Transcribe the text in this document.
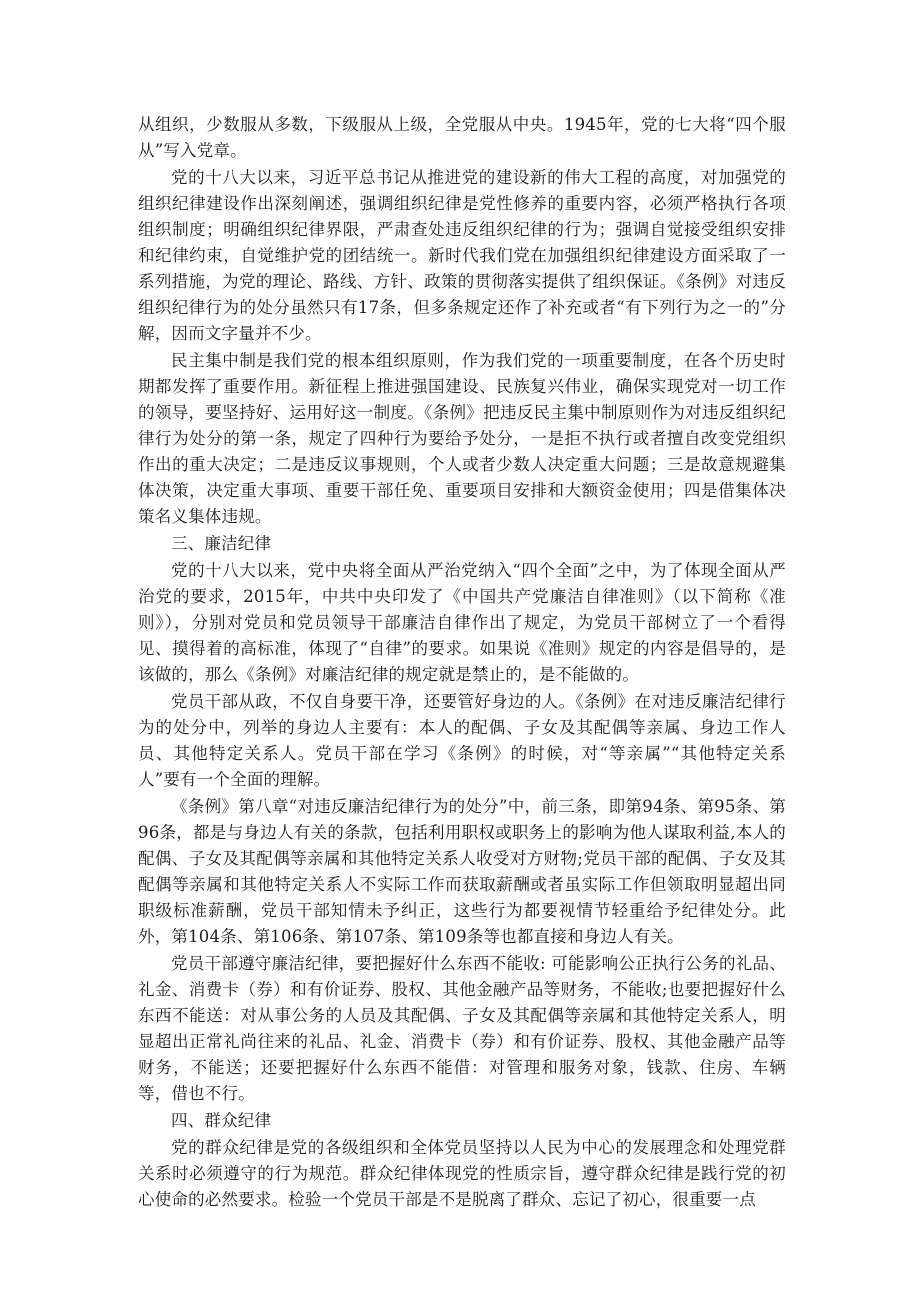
从组织，少数服从多数，下级服从上级，全党服从中央。1945年，党的七大将“四个服从”写入党章。

党的十八大以来，习近平总书记从推进党的建设新的伟大工程的高度，对加强党的组织纪律建设作出深刻阐述，强调组织纪律是党性修养的重要内容，必须严格执行各项组织制度；明确组织纪律界限，严肃查处违反组织纪律的行为；强调自觉接受组织安排和纪律约束，自觉维护党的团结统一。新时代我们党在加强组织纪律建设方面采取了一系列措施，为党的理论、路线、方针、政策的贯彻落实提供了组织保证。《条例》对违反组织纪律行为的处分虽然只有17条，但多条规定还作了补充或者“有下列行为之一的”分解，因而文字量并不少。

民主集中制是我们党的根本组织原则，作为我们党的一项重要制度，在各个历史时期都发挥了重要作用。新征程上推进强国建设、民族复兴伟业，确保实现党对一切工作的领导，要坚持好、运用好这一制度。《条例》把违反民主集中制原则作为对违反组织纪律行为处分的第一条，规定了四种行为要给予处分，一是拒不执行或者擅自改变党组织作出的重大决定；二是违反议事规则，个人或者少数人决定重大问题；三是故意规避集体决策，决定重大事项、重要干部任免、重要项目安排和大额资金使用；四是借集体决策名义集体违规。

三、廉洁纪律

党的十八大以来，党中央将全面从严治党纳入“四个全面”之中，为了体现全面从严治党的要求，2015年，中共中央印发了《中国共产党廉洁自律准则》（以下简称《准则》），分别对党员和党员领导干部廉洁自律作出了规定，为党员干部树立了一个看得见、摸得着的高标准，体现了“自律”的要求。如果说《准则》规定的内容是倡导的，是该做的，那么《条例》对廉洁纪律的规定就是禁止的，是不能做的。

党员干部从政，不仅自身要干净，还要管好身边的人。《条例》在对违反廉洁纪律行为的处分中，列举的身边人主要有：本人的配偶、子女及其配偶等亲属、身边工作人员、其他特定关系人。党员干部在学习《条例》的时候，对“等亲属”“其他特定关系人”要有一个全面的理解。

《条例》第八章“对违反廉洁纪律行为的处分”中，前三条，即第94条、第95条、第96条，都是与身边人有关的条款，包括利用职权或职务上的影响为他人谋取利益,本人的配偶、子女及其配偶等亲属和其他特定关系人收受对方财物;党员干部的配偶、子女及其配偶等亲属和其他特定关系人不实际工作而获取薪酬或者虽实际工作但领取明显超出同职级标准薪酬，党员干部知情未予纠正，这些行为都要视情节轻重给予纪律处分。此外，第104条、第106条、第107条、第109条等也都直接和身边人有关。

党员干部遵守廉洁纪律，要把握好什么东西不能收: 可能影响公正执行公务的礼品、礼金、消费卡（券）和有价证券、股权、其他金融产品等财务，不能收;也要把握好什么东西不能送：对从事公务的人员及其配偶、子女及其配偶等亲属和其他特定关系人，明显超出正常礼尚往来的礼品、礼金、消费卡（券）和有价证券、股权、其他金融产品等财务，不能送；还要把握好什么东西不能借：对管理和服务对象，钱款、住房、车辆等，借也不行。

四、群众纪律

党的群众纪律是党的各级组织和全体党员坚持以人民为中心的发展理念和处理党群关系时必须遵守的行为规范。群众纪律体现党的性质宗旨，遵守群众纪律是践行党的初心使命的必然要求。检验一个党员干部是不是脱离了群众、忘记了初心，很重要一点
